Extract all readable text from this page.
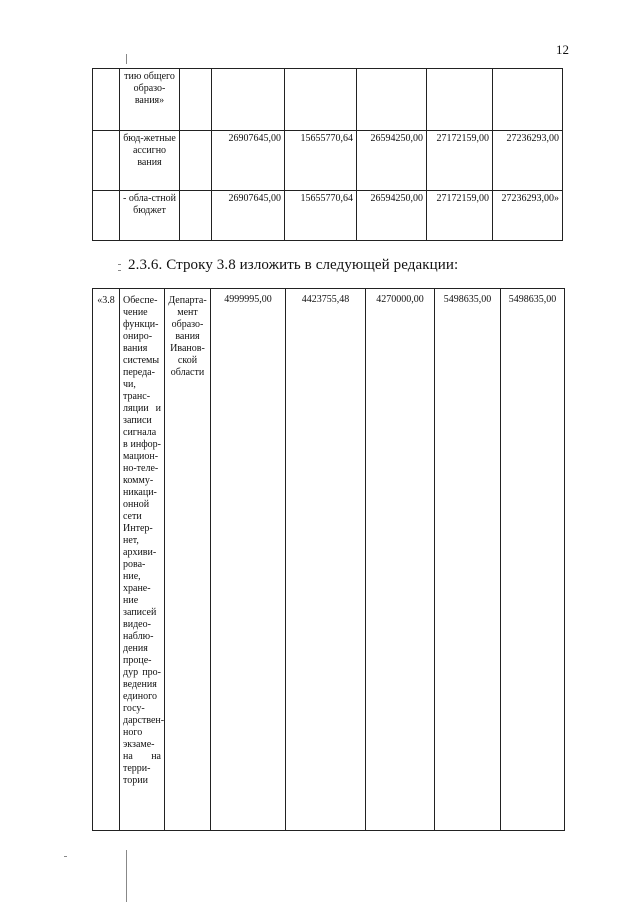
12
	тию общего образо-вания»						
	бюд-жетные ассигно вания		26907645,00	15655770,64	26594250,00	27172159,00	27236293,00
	- обла-стной бюджет		26907645,00	15655770,64	26594250,00	27172159,00	27236293,00»
2.3.6. Строку 3.8 изложить в следующей редакции:
«3.8	Обеспе-чение функци-ониро-вания системы переда-чи, транс-ляции и записи сигнала в инфор-мацион-но-теле-комму-никаци-онной сети Интер-нет, архиви-рова-ние, хране-ние записей видео-наблю-дения проце-дур про-ведения единого госу-дарствен-ного экзаме-на на терри-тории	Департа-мент образо-вания Иванов-ской области	4999995,00	4423755,48	4270000,00	5498635,00	5498635,00
